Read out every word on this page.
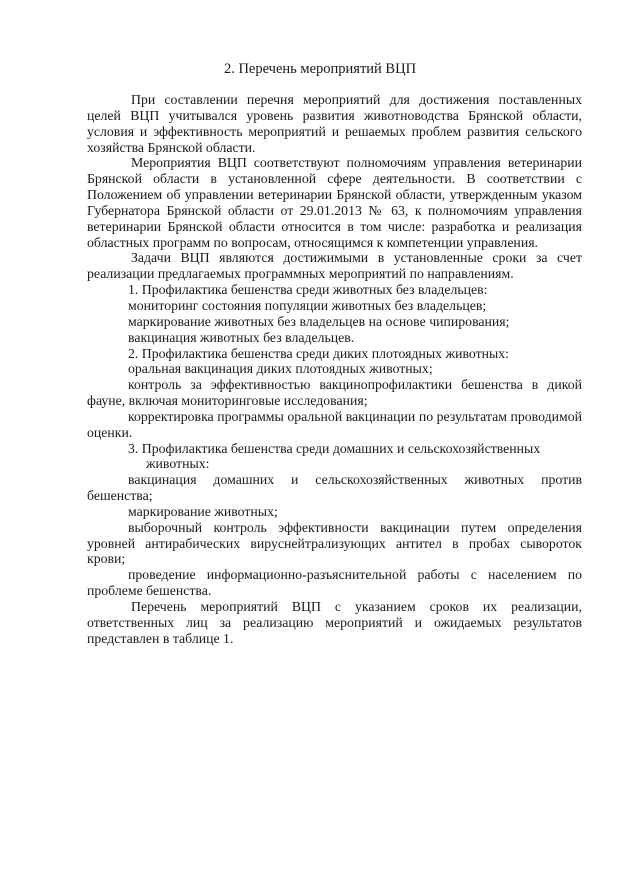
2. Перечень мероприятий ВЦП

При составлении перечня мероприятий для достижения поставленных целей ВЦП учитывался уровень развития животноводства Брянской области, условия и эффективность мероприятий и решаемых проблем развития сельского хозяйства Брянской области.

Мероприятия ВЦП соответствуют полномочиям управления ветеринарии Брянской области в установленной сфере деятельности. В соответствии с Положением об управлении ветеринарии Брянской области, утвержденным указом Губернатора Брянской области от 29.01.2013 № 63, к полномочиям управления ветеринарии Брянской области относится в том числе: разработка и реализация областных программ по вопросам, относящимся к компетенции управления.

Задачи ВЦП являются достижимыми в установленные сроки за счет реализации предлагаемых программных мероприятий по направлениям.

1. Профилактика бешенства среди животных без владельцев:

мониторинг состояния популяции животных без владельцев;

маркирование животных без владельцев на основе чипирования;

вакцинация животных без владельцев.

2. Профилактика бешенства среди диких плотоядных животных:

оральная вакцинация диких плотоядных животных;

контроль за эффективностью вакцинопрофилактики бешенства в дикой фауне, включая мониторинговые исследования;

корректировка программы оральной вакцинации по результатам проводимой оценки.

3. Профилактика бешенства среди домашних и сельскохозяйственных животных:

вакцинация домашних и сельскохозяйственных животных против бешенства;

маркирование животных;

выборочный контроль эффективности вакцинации путем определения уровней антирабических вируснейтрализующих антител в пробах сывороток крови;

проведение информационно-разъяснительной работы с населением по проблеме бешенства.

Перечень мероприятий ВЦП с указанием сроков их реализации, ответственных лиц за реализацию мероприятий и ожидаемых результатов представлен в таблице 1.
